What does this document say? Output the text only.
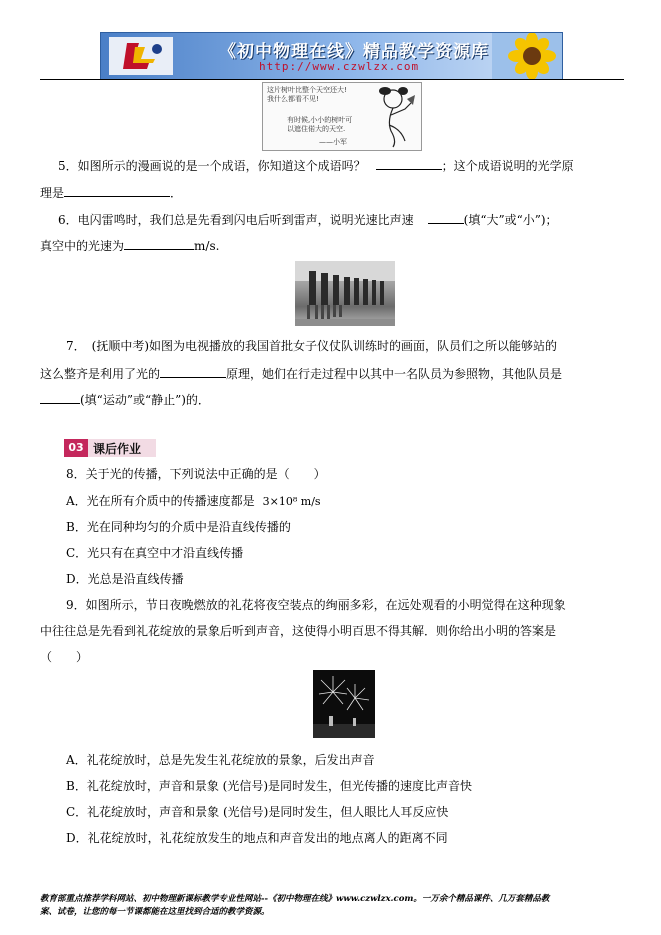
《初中物理在线》精品教学资源库
http://www.czwlzx.com
这片树叶比整个天空还大!
我什么都看不见!
有时候,小小的树叶可
以遮住偌大的天空.
——小军
5．如图所示的漫画说的是一个成语，你知道这个成语吗？	；这个成语说明的光学原
理是	．
6．电闪雷鸣时，我们总是先看到闪电后听到雷声，说明光速比声速	(填“大”或“小”)；
真空中的光速为	m/s.
7．　(抚顺中考)如图为电视播放的我国首批女子仪仗队训练时的画面，队员们之所以能够站的
这么整齐是利用了光的	原理，她们在行走过程中以其中一名队员为参照物，其他队员是
(填“运动”或“静止”)的．
03 课后作业
8．关于光的传播，下列说法中正确的是（　　）
A．光在所有介质中的传播速度都是 3×10⁸ m/s
B．光在同种均匀的介质中是沿直线传播的
C．光只有在真空中才沿直线传播
D．光总是沿直线传播
9．如图所示，节日夜晚燃放的礼花将夜空装点的绚丽多彩，在远处观看的小明觉得在这种现象
中往往总是先看到礼花绽放的景象后听到声音，这使得小明百思不得其解．则你给出小明的答案是
（　　）
A．礼花绽放时，总是先发生礼花绽放的景象，后发出声音
B．礼花绽放时，声音和景象 (光信号)是同时发生，但光传播的速度比声音快
C．礼花绽放时，声音和景象 (光信号)是同时发生，但人眼比人耳反应快
D．礼花绽放时，礼花绽放发生的地点和声音发出的地点离人的距离不同
教育部重点推荐学科网站、初中物理新课标教学专业性网站--《初中物理在线》www.czwlzx.com。一万余个精品课件、几万套精品教
案、试卷，让您的每一节课都能在这里找到合适的教学资源。
